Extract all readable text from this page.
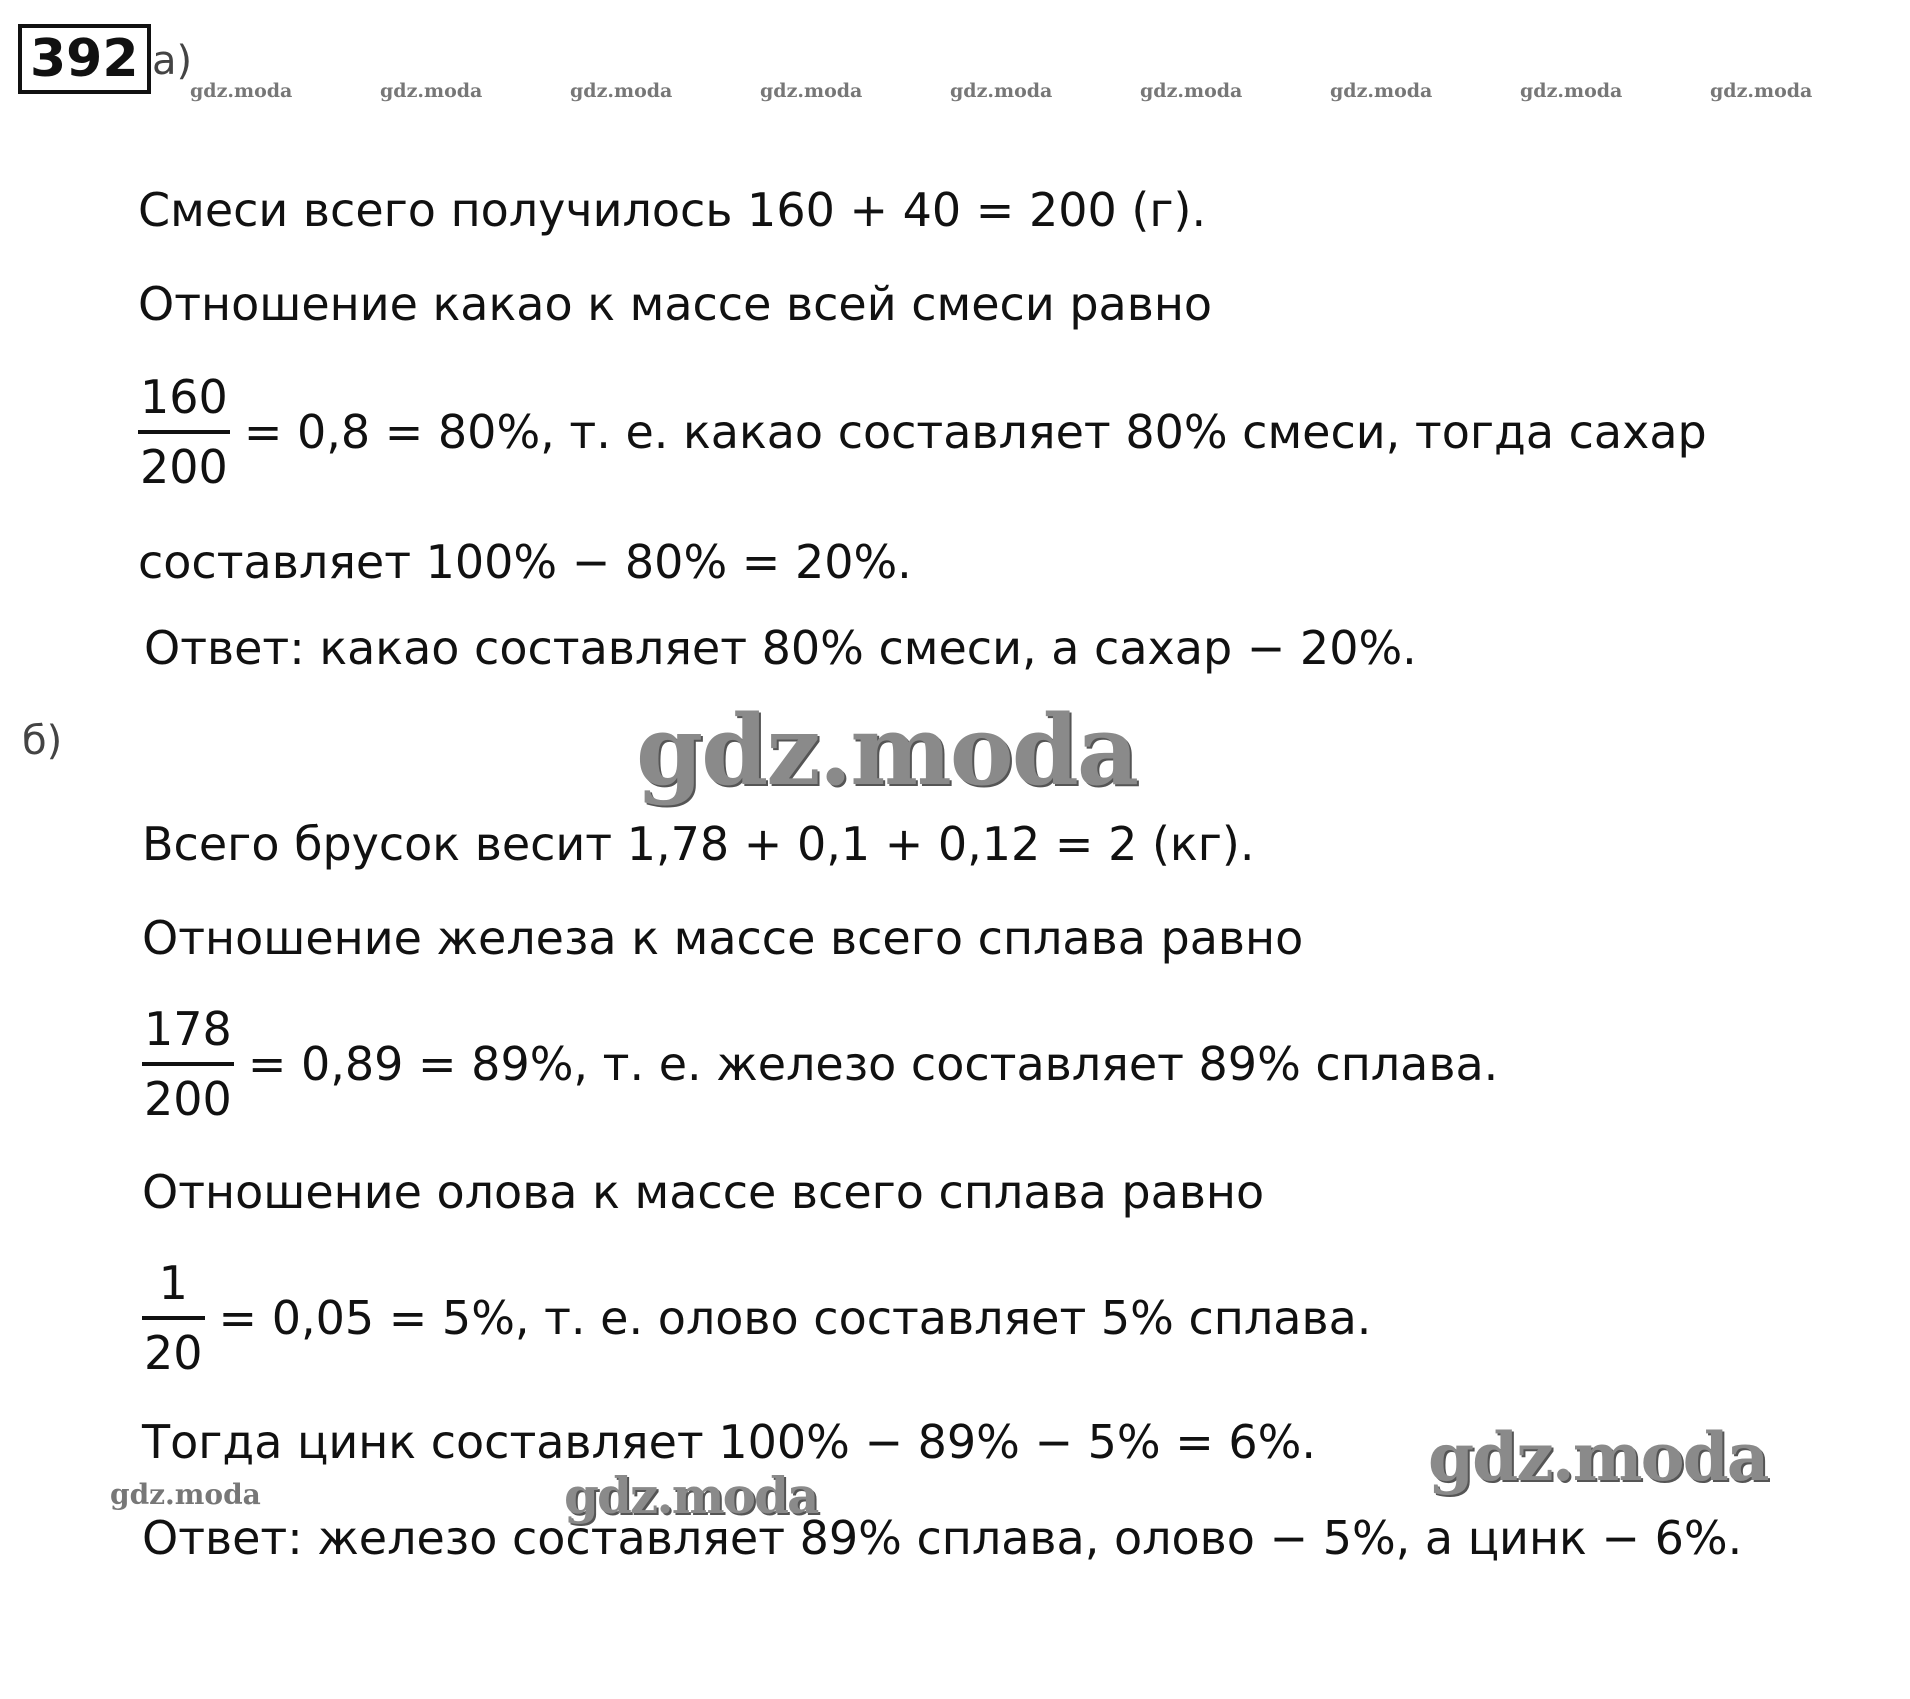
392 а)
gdz.moda	gdz.moda	gdz.moda	gdz.moda	gdz.moda	gdz.moda	gdz.moda	gdz.moda	gdz.moda
Смеси всего получилось 160 + 40 = 200 (г).
Отношение какао к массе всей смеси равно
$\frac{160}{200} = 0,8 = 80\%$, т. е. какао составляет 80% смеси, тогда сахар
составляет 100% − 80% = 20%.
Ответ: какао составляет 80% смеси, а сахар − 20%.
б)	gdz.moda
Всего брусок весит 1,78 + 0,1 + 0,12 = 2 (кг).
Отношение железа к массе всего сплава равно
$\frac{178}{200} = 0,89 = 89\%$, т. е. железо составляет 89% сплава.
Отношение олова к массе всего сплава равно
$\frac{1}{20} = 0,05 = 5\%$, т. е. олово составляет 5% сплава.
Тогда цинк составляет 100% − 89% − 5% = 6%. gdz.moda
gdz.moda	gdz.moda
Ответ: железо составляет 89% сплава, олово − 5%, а цинк − 6%.
